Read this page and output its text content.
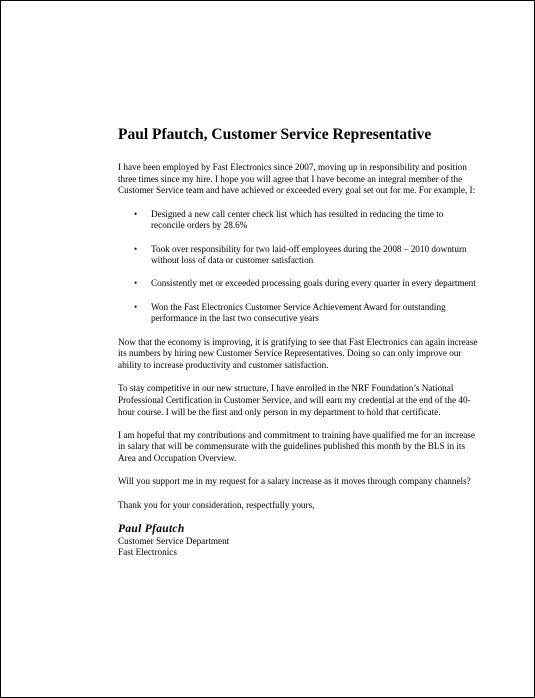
Paul Pfautch, Customer Service Representative

I have been employed by Fast Electronics since 2007, moving up in responsibility and position three times since my hire. I hope you will agree that I have become an integral member of the Customer Service team and have achieved or exceeded every goal set out for me. For example, I:

• Designed a new call center check list which has resulted in reducing the time to reconcile orders by 28.6%
• Took over responsibility for two laid-off employees during the 2008 – 2010 downturn without loss of data or customer satisfaction
• Consistently met or exceeded processing goals during every quarter in every department
• Won the Fast Electronics Customer Service Achievement Award for outstanding performance in the last two consecutive years

Now that the economy is improving, it is gratifying to see that Fast Electronics can again increase its numbers by hiring new Customer Service Representatives. Doing so can only improve our ability to increase productivity and customer satisfaction.

To stay competitive in our new structure, I have enrolled in the NRF Foundation’s National Professional Certification in Customer Service, and will earn my credential at the end of the 40-hour course. I will be the first and only person in my department to hold that certificate.

I am hopeful that my contributions and commitment to training have qualified me for an increase in salary that will be commensurate with the guidelines published this month by the BLS in its Area and Occupation Overview.

Will you support me in my request for a salary increase as it moves through company channels?

Thank you for your consideration, respectfully yours,

Paul Pfautch
Customer Service Department
Fast Electronics
